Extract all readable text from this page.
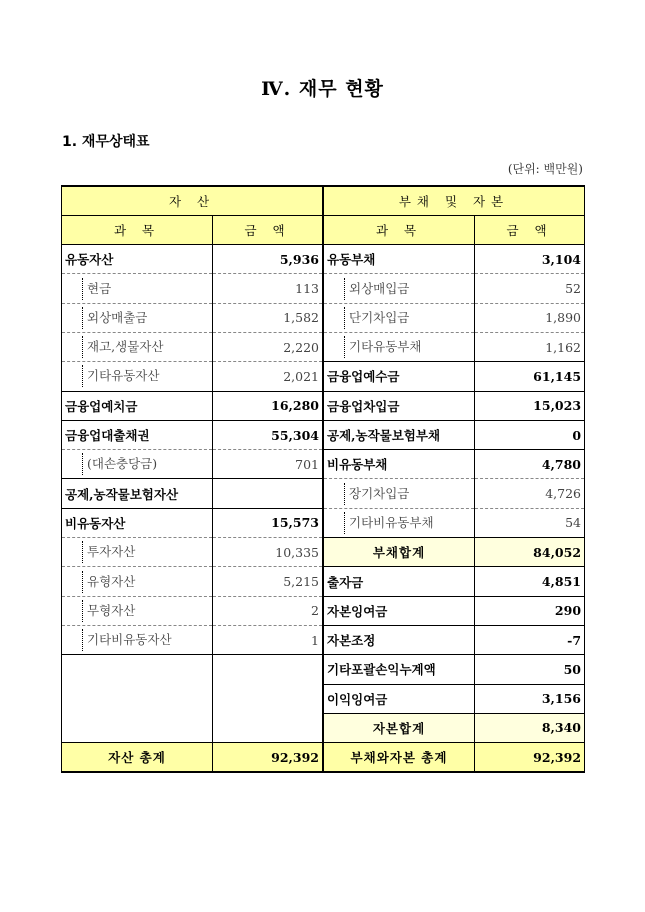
Ⅳ. 재무 현황
1. 재무상태표
(단위: 백만원)
자 산	
과 목	금 액
유동자산	5,936
현금	113
외상매출금	1,582
재고,생물자산	2,220
기타유동자산	2,021
금융업예치금	16,280
금융업대출채권	55,304
(대손충당금)	701
공제,농작물보험자산	
비유동자산	15,573
투자자산	10,335
유형자산	5,215
무형자산	2
기타비유동자산	1

자산 총계	92,392
부채 및 자본	
과 목	금 액
유동부채	3,104
외상매입금	52
단기차입금	1,890
기타유동부채	1,162
금융업예수금	61,145
금융업차입금	15,023
공제,농작물보험부채	0
비유동부채	4,780
장기차입금	4,726
기타비유동부채	54
부채합계	84,052
출자금	4,851
자본잉여금	290
자본조정	-7
기타포괄손익누계액	50
이익잉여금	3,156
자본합계	8,340
부채와자본 총계	92,392
